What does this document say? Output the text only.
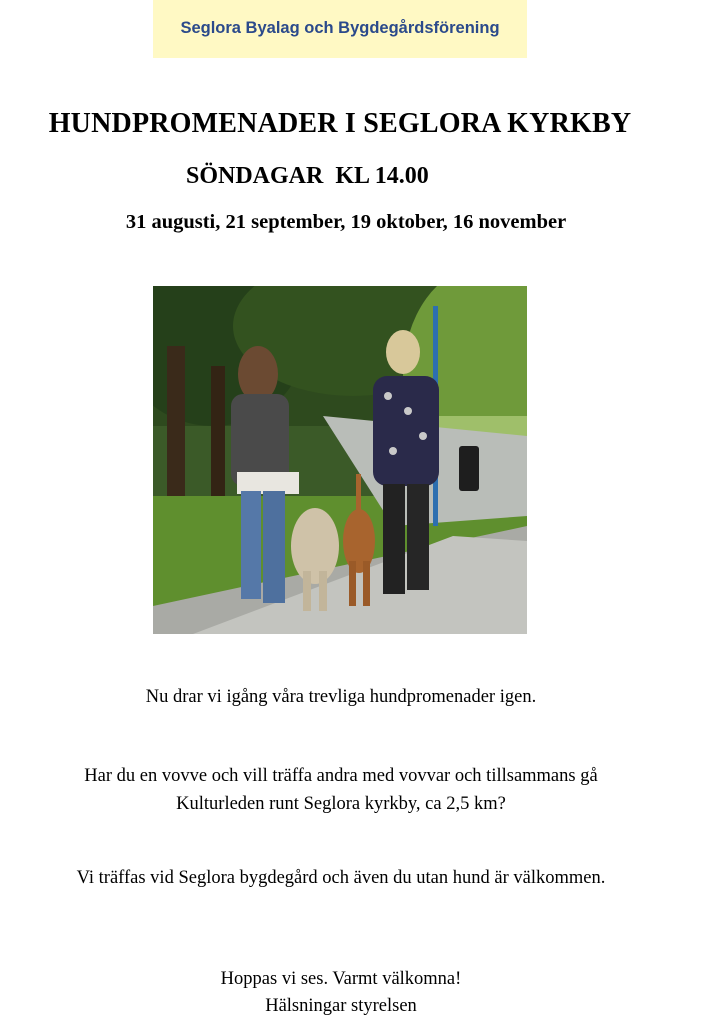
Seglora Byalag och Bygdegårdsförening
HUNDPROMENADER I SEGLORA KYRKBY
SÖNDAGAR  KL 14.00
31 augusti, 21 september, 19 oktober, 16 november
Nu drar vi igång våra trevliga hundpromenader igen.
Har du en vovve och vill träffa andra med vovvar och tillsammans gå
Kulturleden runt Seglora kyrkby, ca 2,5 km?
Vi träffas vid Seglora bygdegård och även du utan hund är välkommen.
Hoppas vi ses. Varmt välkomna!
Hälsningar styrelsen
